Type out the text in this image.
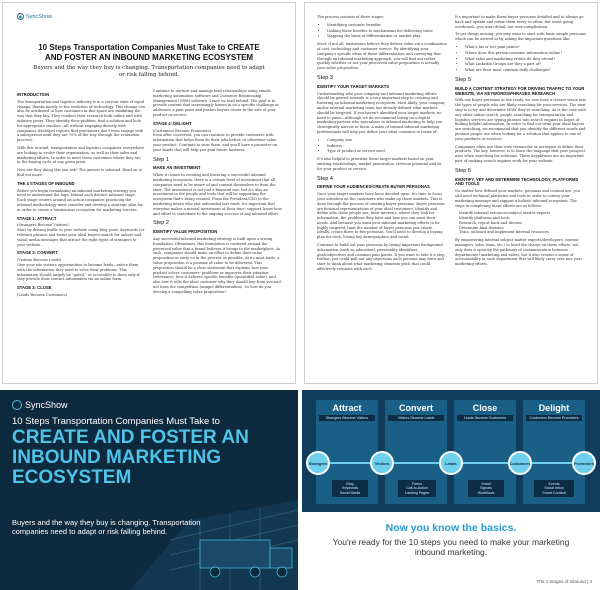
◉ SyncShow
10 Steps Transportation Companies Must Take to CREATE
AND FOSTER AN INBOUND MARKETING ECOSYSTEM
Buyers and the way they buy is changing. Transportation companies need to adapt or risk falling behind.
INTRODUCTION

The transportation and logistics industry is in a current state of rapid change, thanks mostly to the evolution of technology. This change can also be attributed to how customers in this space are exhibiting the way that they buy. They conduct their research both online and with industry peers. They identify their problem, find a solution and look for appropriate vendors—all without engaging directly with companies (HubSpot reports that purchasers don't even engage with a salesperson until they are 70% of the way through the evaluation process).

With this in mind, transportation and logistics companies everywhere are looking to evolve their organization, as well as their sales and marketing efforts. In order to meet these customers where they are in the buying cycle at any given point.

How are they doing this you ask? The answer is inbound. Read on to find out more.

THE 4 STAGES OF INBOUND

Before you begin formulating an inbound marketing strategy you need to understand the logic behind each distinct inbound stage. Each stage centers around an action companies practicing the inbound methodology must consider and develop a strategic plan for, in order to create a harmonious ecosystem for marketing success.

STAGE 1: ATTRACT
(Strangers Become Visitors)

Start by driving traffic to your website using blog posts, keywords (or relevant phrases and terms your ideal buyers search for online) and social media messages that attract the right types of strangers to your website.

STAGE 2: CONVERT
(Visitors Become Leads)

Give your site visitors opportunities to become leads—entice them with the information they need to solve their problems. This information should largely be "gated," or accessible to them only if they provide their contact information via an online form.

STAGE 3: CLOSE
(Leads Become Customers)

Continue to nurture and manage lead relationships using emails, marketing automation software and Customer Relationship Management (CRM) software. Leave no lead behind. The goal is to provide content that increasingly homes in on a specific challenge or addresses a pain point and pushes buyers closer to the sale of your product or service.

STAGE 4: DELIGHT
(Customers Become Promoters)

Even after converted, you can continue to provide customers with information that helps them do their jobs better, or otherwise value your product. Continue to wow them, and you'll have a promoter on your hands that will help you gain future business.

Step 1
MAKE AN INVESTMENT

When it comes to creating and fostering a successful inbound marketing ecosystem, there is a certain level of investment that all companies need to be aware of and commit themselves to from the start. The investment is not just a financial one, but it's also an investment in the people and tools that will be supporting the ecosystem that's being created. From the President/CEO to the marketing intern who just onboarded last week, it's important that everyone makes a mental investment of their time, support, know-how and effort to contribute to the ongoing success of any inbound effort.

Step 2
IDENTIFY VALUE PROPOSITION

Any successful inbound marketing strategy is built upon a strong foundation. Oftentimes, this foundation is centered around the perceived value that a brand believes it brings to the marketplace. As such, companies should make an effort to define their value proposition as early on in the process as possible. At its most basic, a value proposition is a promise of value to be delivered. This proposition should be a clear statement that explains how your product solves customers' problems or improves their situation (relevance), how it delivers specific benefits (quantified value), and also how it tells the ideal customer why they should buy from you and not from the competition (unique differentiation). So how do you develop a compelling value proposition?

The process consists of three stages:

• Identifying customer benefits
• Linking these benefits to mechanisms for delivering value
• Mapping the basis of differentiation or market play

Most, if not all, businesses believe they deliver value via a combination of cost, technology and customer service. By identifying your company's specific ideas of these differentiators and conveying that through an inbound marketing approach, you will find out rather quickly whether or not your perceived value proposition is actually your value proposition.

Step 3
IDENTIFY YOUR TARGET MARKETS

Understanding who your company and inbound marketing efforts should be geared towards is a very important step in creating and fostering an inbound marketing ecosystem. Most likely, your company and/or internal marketing team has already defined what markets should be targeted. If you haven't identified your target markets, no need to panic—although we do recommend hiring on a digital marketing partner who specializes in inbound marketing to help you strategically narrow in them. A mass of trained inbound marketing professionals will help you define your ideal customer in terms of:

• Company size
• Industry
• Type of product or service used

It's also helpful to prioritize these target markets based on your existing relationships, market penetration, revenue potential and fit for your product or service.

Step 4
DEFINE YOUR AUDIENCES/CREATE BUYER PERSONAS

Once your target markets have been decided upon, it's time to focus your attention on the customers who make up those markets. This is done through the process of creating buyer personas. Buyer personas are fictional representations of your ideal customers. Identify and define who these people are, their interests, where they look for information, the problems they have and how you can meet their needs. And because you want your inbound marketing efforts to be highly targeted, limit the number of buyer personas you create. Ideally, create three to five personas. You'll need to develop a buying plan for each, listing key demographics and social.

Continue to build out your personas by listing important background information (such as education), personality identifiers, goals/objectives and common pain points. If you want to take it a step further, you could pull out any objections each persona may have and start to think about what marketing elements pitch that could effectively resonate with each.

It's important to make these buyer personas detailed and to always go back and update and refine them every so often, but avoid going overboard—you want detail, not over-complication.

To get things moving, you may want to start with basic simple personas, which can be arrived at by asking the important questions like:

• What's his or her pain points?
• Where does this person consume information online?
• What sales and marketing events do they attend?
• What LinkedIn Groups are they a part of?
• What are their most common daily challenges?
Step 5
BUILD A CONTENT STRATEGY FOR DRIVING TRAFFIC TO YOUR WEBSITE, VIA KEYWORDS/PHRASES RESEARCH

With our buyer personas at the ready, we now have a clearer vision into the types of people who are likely searching for your services. The next step is to try and determine HOW they're searching. As is the case with any other online search, people searching for transportation and logistics services are typing phrases into search engines in hopes of finding helpful information. In order to find out what your ideal buyers are searching, we recommend that you identify the different words and phrases people use when looking for a solution that applies to one of your products or services.

Companies often use their own vernacular or acronyms to define their products. The key, however, is to learn the language that your prospect uses when searching for solutions. These keyphrases are an important part of ranking search engines work for your website.

Step 6
IDENTIFY, VET AND DETERMINE TECHNOLOGY, PLATFORMS AND TOOLS

No matter how defined your markets, personas and content are, you still need technical platforms and tools in order to convey your marketing message and support a holistic inbound ecosystem. The steps in completing these efforts are as follows:

Identify internal resources/subject matter experts
Identify platforms and tools
Research, report back and discuss
Determine final decision
Train, onboard and implement internal resources

By empowering internal subject matter experts/developers, content managers, sales team, etc.) to head the charge on these efforts, not only does it open up the pathways of communication between departments (marketing and sales), but it also creates a sense of accountability in each department that will likely carry over into your marketing efforts.

SyncShow
10 Steps Transportation Companies Must Take to
CREATE AND FOSTER AN
INBOUND MARKETING
ECOSYSTEM
Buyers and the way they buy is changing. Transportation companies need to adapt or risk falling behind.
Attract
Strangers Become Visitors
Convert
Visitors Become Leads
Close
Leads Become Customers
Delight
Customers Become Promoters
Strangers	Visitors	Leads	Customers	Promoters
Blog
Keywords
Social Media
Forms
Call-to-Action
Landing Pages
Email
Signals
Workflows
Events
Social Inbox
Smart Content
Now you know the basics.
You're ready for the 10 steps you need to make your marketing inbound marketing.
The 4 Stages of Inbound | 3
